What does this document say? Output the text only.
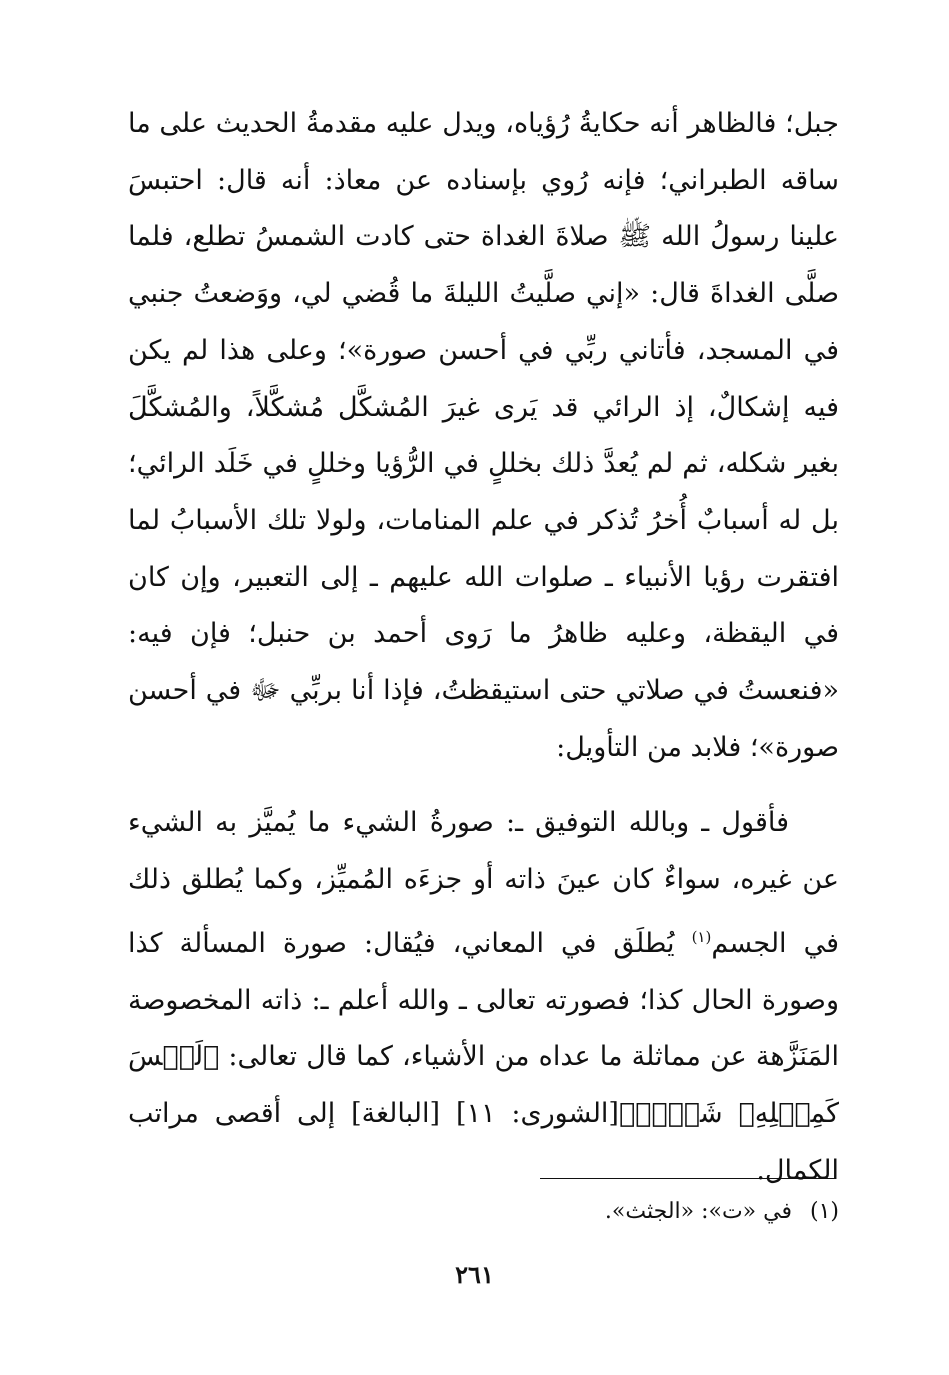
جبل؛ فالظاهر أنه حكايةُ رُؤياه، ويدل عليه مقدمةُ الحديث على ما ساقه الطبراني؛ فإنه رُوي بإسناده عن معاذ: أنه قال: احتبسَ علينا رسولُ الله ﷺ صلاةَ الغداة حتى كادت الشمسُ تطلع، فلما صلَّى الغداةَ قال: «إني صلَّيتُ الليلةَ ما قُضي لي، ووَضعتُ جنبي في المسجد، فأتاني ربِّي في أحسن صورة»؛ وعلى هذا لم يكن فيه إشكالٌ، إذ الرائي قد يَرى غيرَ المُشكَّل مُشكَّلاً، والمُشكَّلَ بغير شكله، ثم لم يُعدَّ ذلك بخللٍ في الرُّؤيا وخللٍ في خَلَد الرائي؛ بل له أسبابٌ أُخرُ تُذكر في علم المنامات، ولولا تلك الأسبابُ لما افتقرت رؤيا الأنبياء ـ صلوات الله عليهم ـ إلى التعبير، وإن كان في اليقظة، وعليه ظاهرُ ما رَوى أحمد بن حنبل؛ فإن فيه: «فنعستُ في صلاتي حتى استيقظتُ، فإذا أنا بربِّي ﷻ في أحسن صورة»؛ فلابد من التأويل:

فأقول ـ وبالله التوفيق ـ: صورةُ الشيء ما يُميَّز به الشيء عن غيره، سواءٌ كان عينَ ذاته أو جزءَه المُميِّز، وكما يُطلق ذلك في الجسم$^{(١)}$ يُطلَق في المعاني، فيُقال: صورة المسألة كذا وصورة الحال كذا؛ فصورته تعالى ـ والله أعلم ـ: ذاته المخصوصة المَنَزَّهة عن مماثلة ما عداه من الأشياء، كما قال تعالى: ﴿لَيۡسَ كَمِثۡلِهِۦ شَيۡءٞ﴾[الشورى: ١١] [البالغة] إلى أقصى مراتب الكمال.

(١)في «ت»: «الجثث».
٢٦١
